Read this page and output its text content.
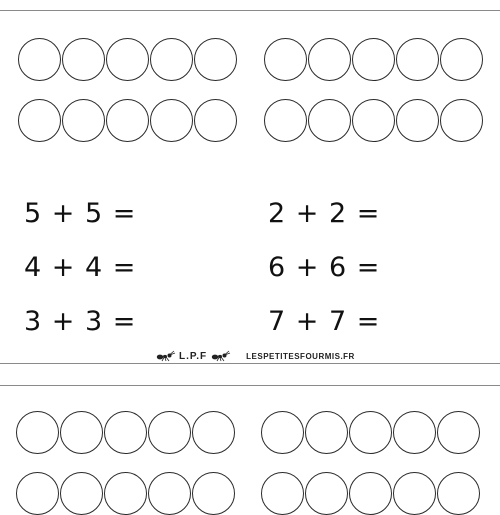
5 + 5 =
4 + 4 =
3 + 3 =
2 + 2 =
6 + 6 =
7 + 7 =
L.P.F	LESPETITESFOURMIS.FR
